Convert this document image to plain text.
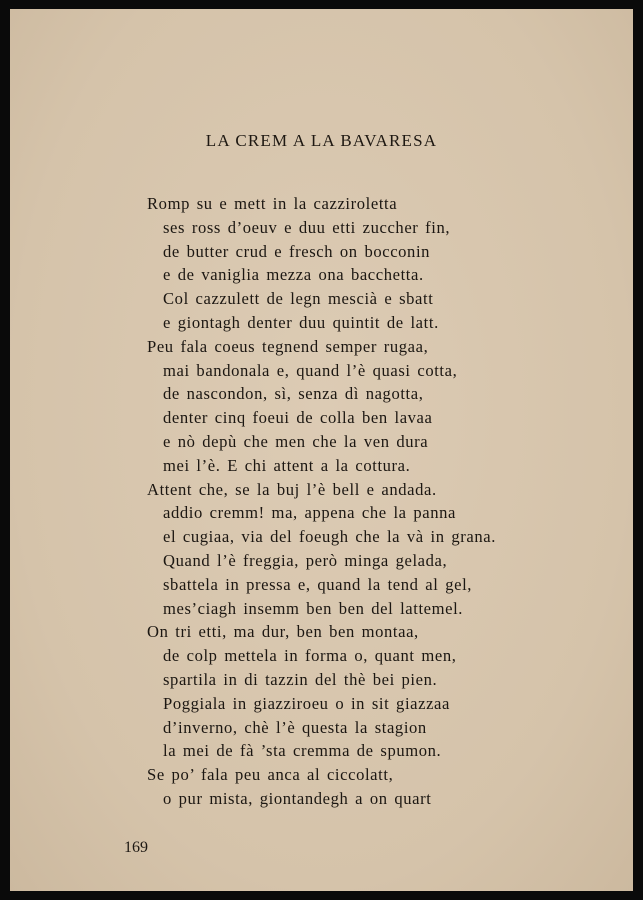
LA CREM A LA BAVARESA
Romp su e mett in la cazziroletta
ses ross d’oeuv e duu etti zuccher fin,
de butter crud e fresch on bocconin
e de vaniglia mezza ona bacchetta.
Col cazzulett de legn mescià e sbatt
e giontagh denter duu quintit de latt.
Peu fala coeus tegnend semper rugaa,
mai bandonala e, quand l’è quasi cotta,
de nascondon, sì, senza dì nagotta,
denter cinq foeui de colla ben lavaa
e nò depù che men che la ven dura
mei l’è. E chi attent a la cottura.
Attent che, se la buj l’è bell e andada.
addio cremm! ma, appena che la panna
el cugiaa, via del foeugh che la và in grana.
Quand l’è freggia, però minga gelada,
sbattela in pressa e, quand la tend al gel,
mes’ciagh insemm ben ben del lattemel.
On tri etti, ma dur, ben ben montaa,
de colp mettela in forma o, quant men,
spartila in di tazzin del thè bei pien.
Poggiala in giazziroeu o in sit giazzaa
d’inverno, chè l’è questa la stagion
la mei de fà ’sta cremma de spumon.
Se po’ fala peu anca al ciccolatt,
o pur mista, giontandegh a on quart
169
